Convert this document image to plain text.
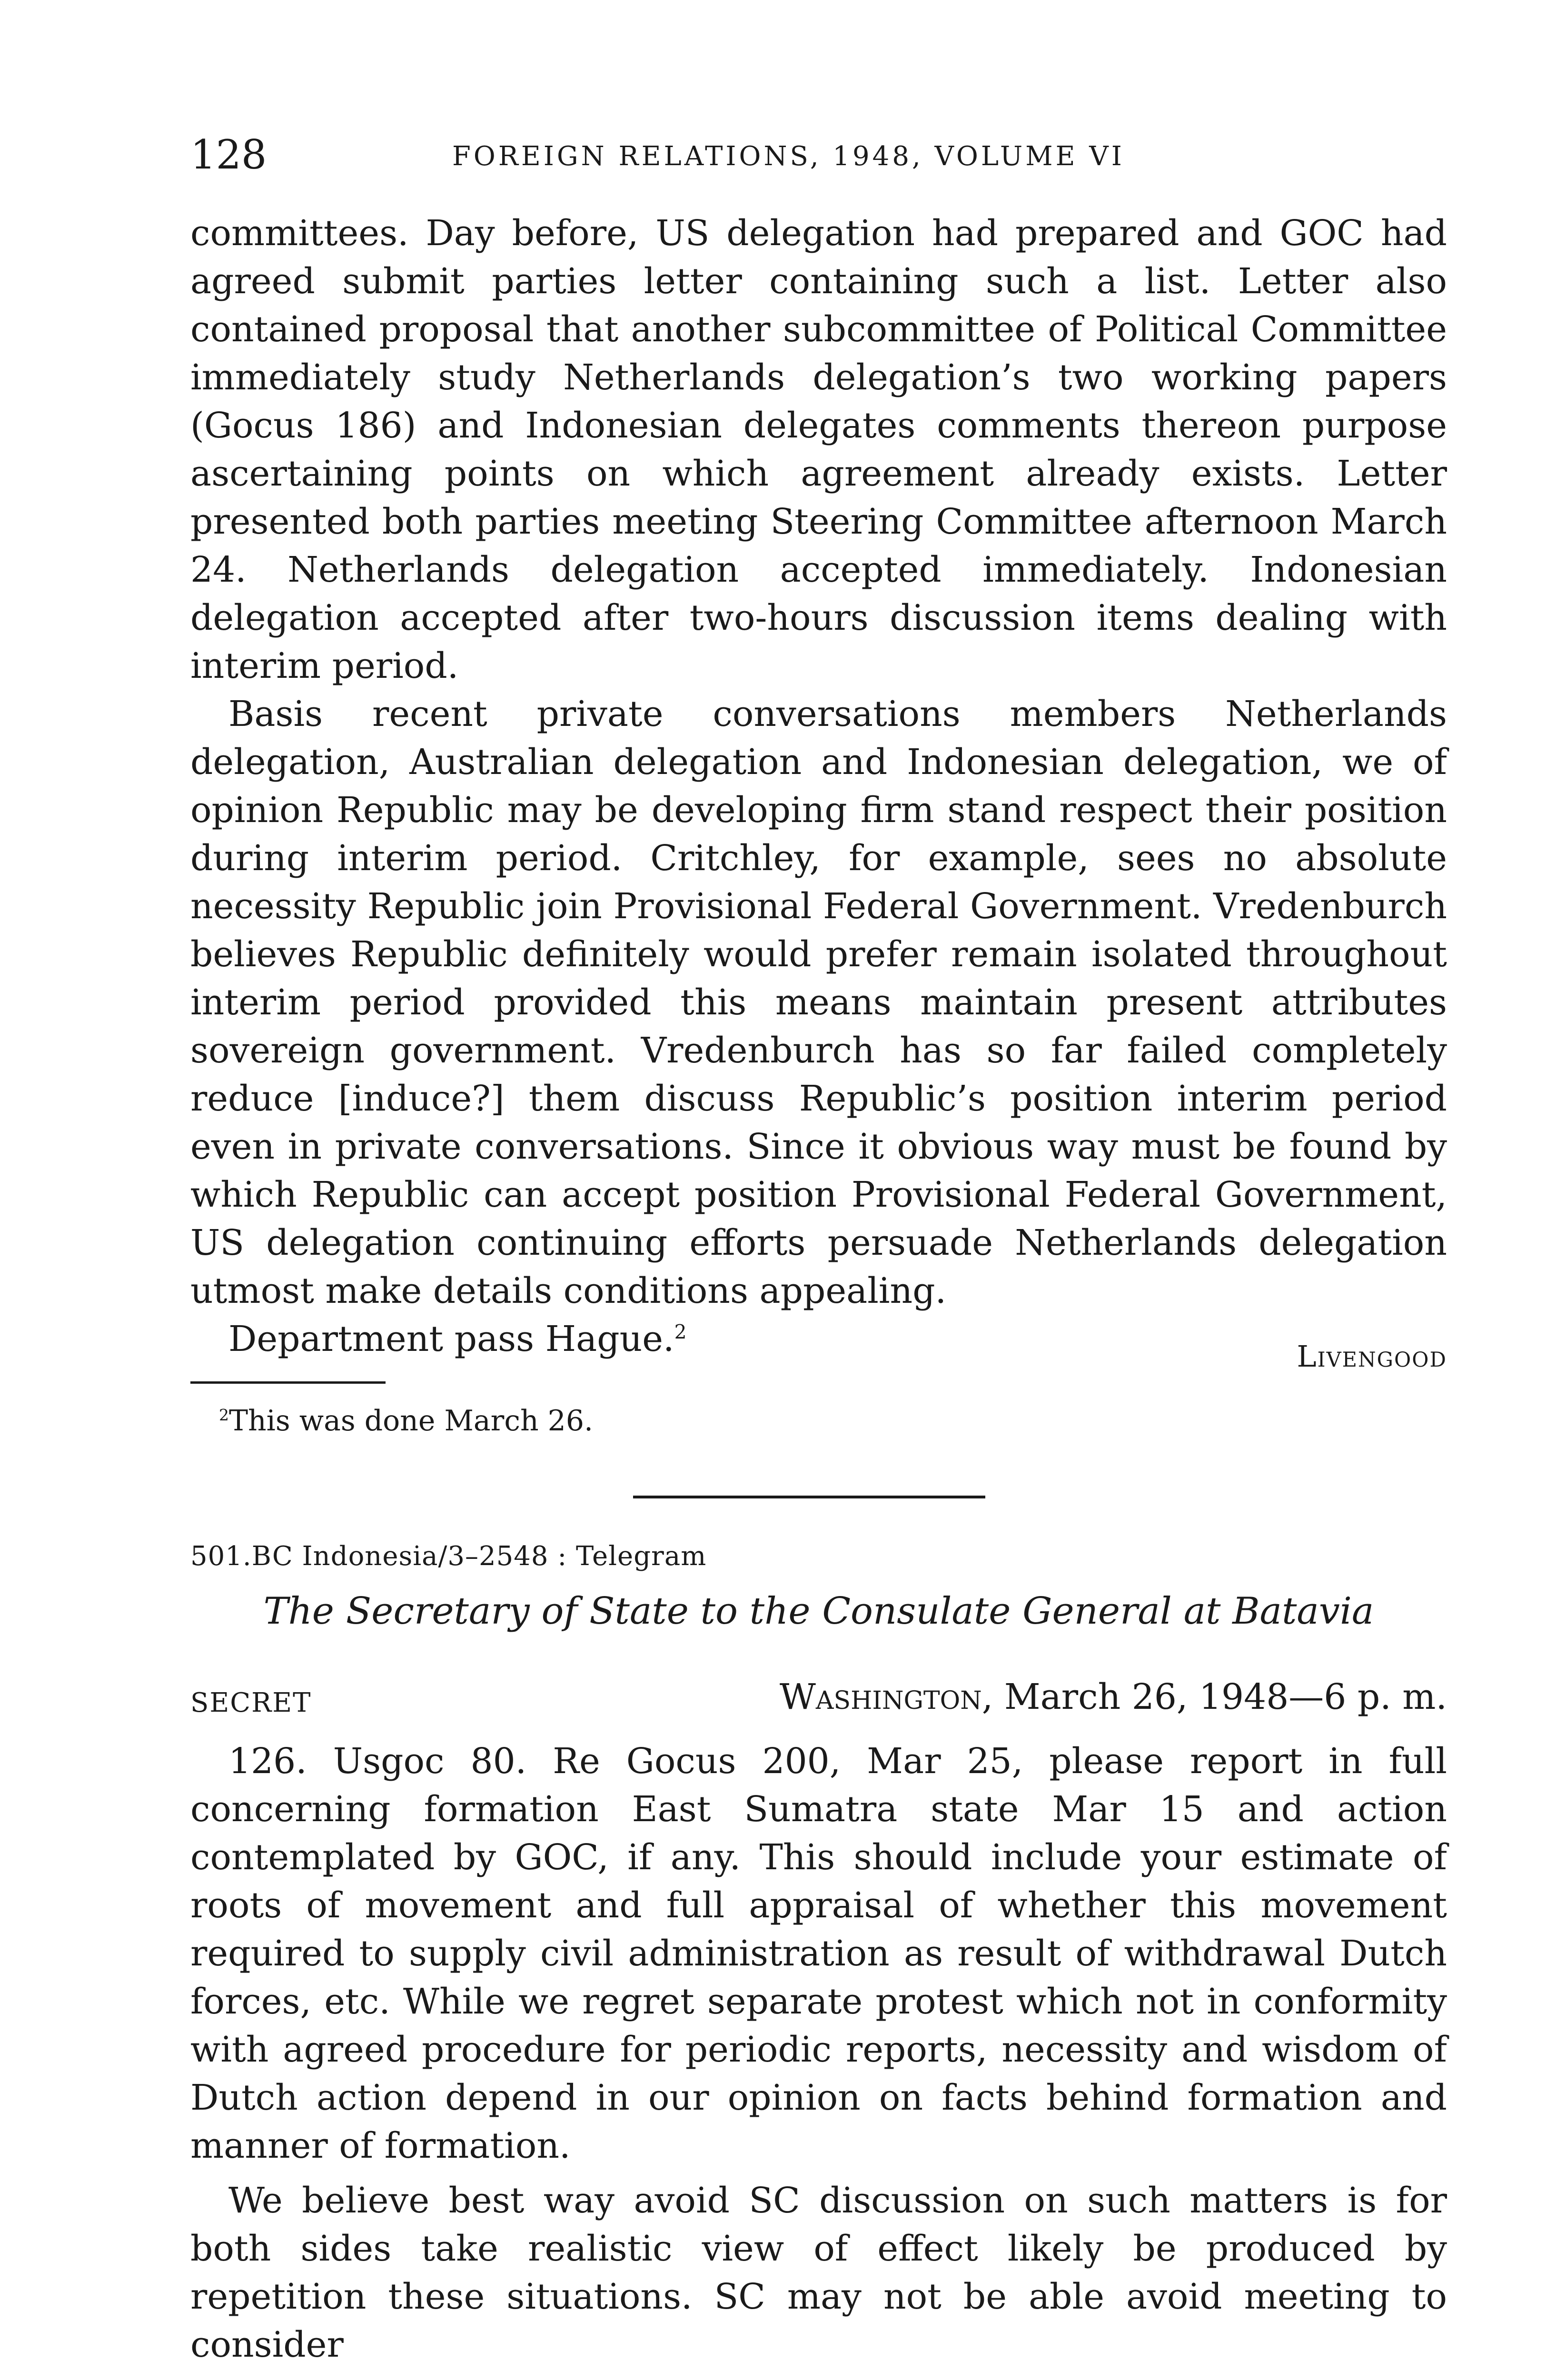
128	FOREIGN RELATIONS, 1948, VOLUME VI

committees. Day before, US delegation had prepared and GOC had agreed submit parties letter containing such a list. Letter also contained proposal that another subcommittee of Political Committee immediately study Netherlands delegation’s two working papers (Gocus 186) and Indonesian delegates comments thereon purpose ascertaining points on which agreement already exists. Letter presented both parties meeting Steering Committee afternoon March 24. Netherlands delegation accepted immediately. Indonesian delegation accepted after two-hours discussion items dealing with interim period.

Basis recent private conversations members Netherlands delegation, Australian delegation and Indonesian delegation, we of opinion Republic may be developing firm stand respect their position during interim period. Critchley, for example, sees no absolute necessity Republic join Provisional Federal Government. Vredenburch believes Republic definitely would prefer remain isolated throughout interim period provided this means maintain present attributes sovereign government. Vredenburch has so far failed completely reduce [induce?] them discuss Republic’s position interim period even in private conversations. Since it obvious way must be found by which Republic can accept position Provisional Federal Government, US delegation continuing efforts persuade Netherlands delegation utmost make details conditions appealing.

Department pass Hague.$^2$

Livengood
$^2$This was done March 26.
501.BC Indonesia/3–2548 : Telegram
The Secretary of State to the Consulate General at Batavia
SECRET	Washington, March 26, 1948—6 p. m.

126. Usgoc 80. Re Gocus 200, Mar 25, please report in full concerning formation East Sumatra state Mar 15 and action contemplated by GOC, if any. This should include your estimate of roots of movement and full appraisal of whether this movement required to supply civil administration as result of withdrawal Dutch forces, etc. While we regret separate protest which not in conformity with agreed procedure for periodic reports, necessity and wisdom of Dutch action depend in our opinion on facts behind formation and manner of formation.

We believe best way avoid SC discussion on such matters is for both sides take realistic view of effect likely be produced by repetition these situations. SC may not be able avoid meeting to consider
